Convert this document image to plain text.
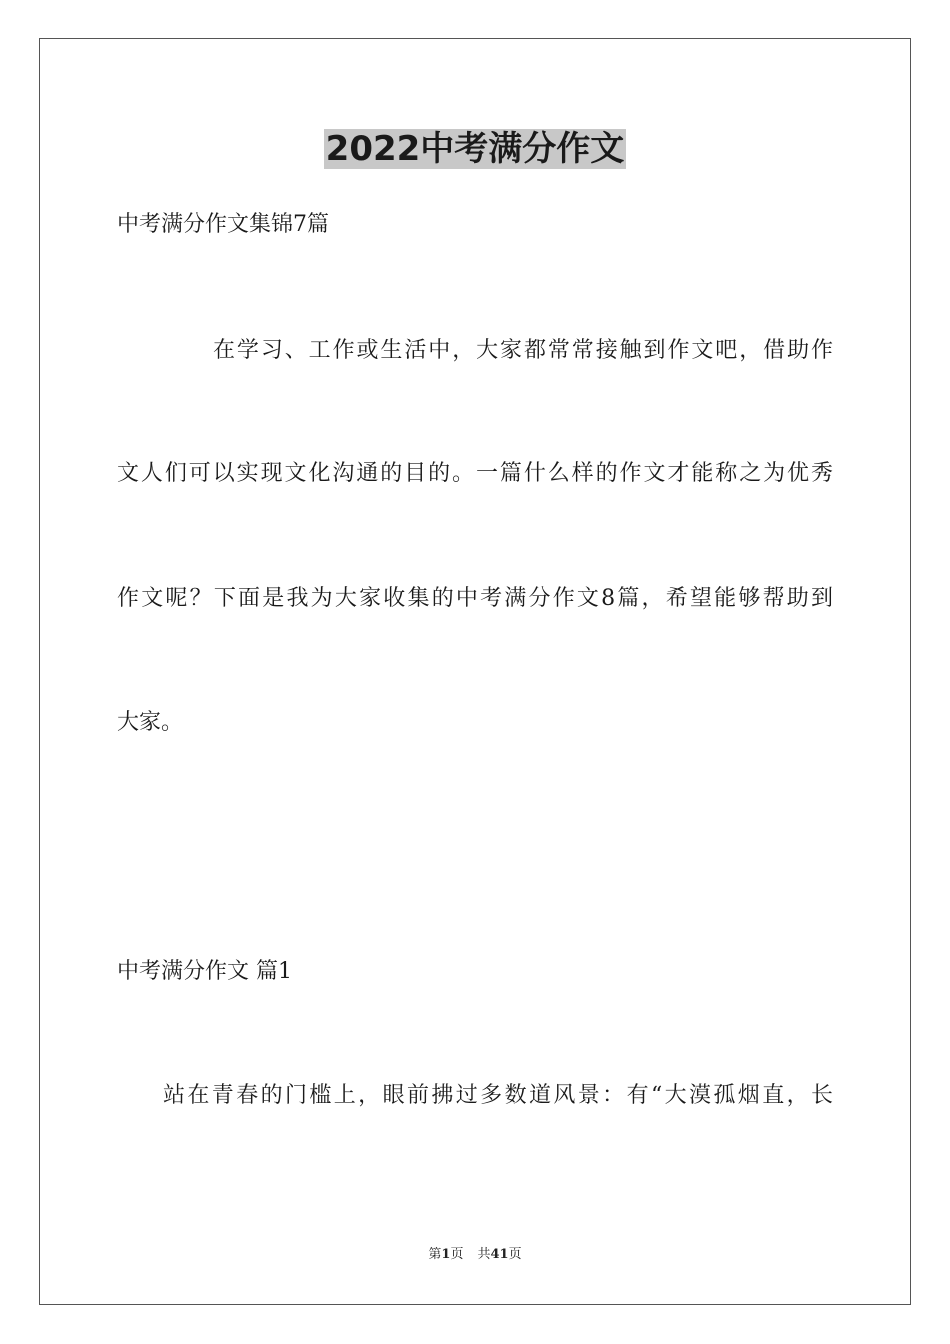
2022中考满分作文
中考满分作文集锦7篇
在学习、工作或生活中，大家都常常接触到作文吧，借助作
文人们可以实现文化沟通的目的。一篇什么样的作文才能称之为优秀
作文呢？下面是我为大家收集的中考满分作文8篇，希望能够帮助到
大家。
中考满分作文 篇1
站在青春的门槛上，眼前拂过多数道风景：有“大漠孤烟直，长
第1页 共41页
